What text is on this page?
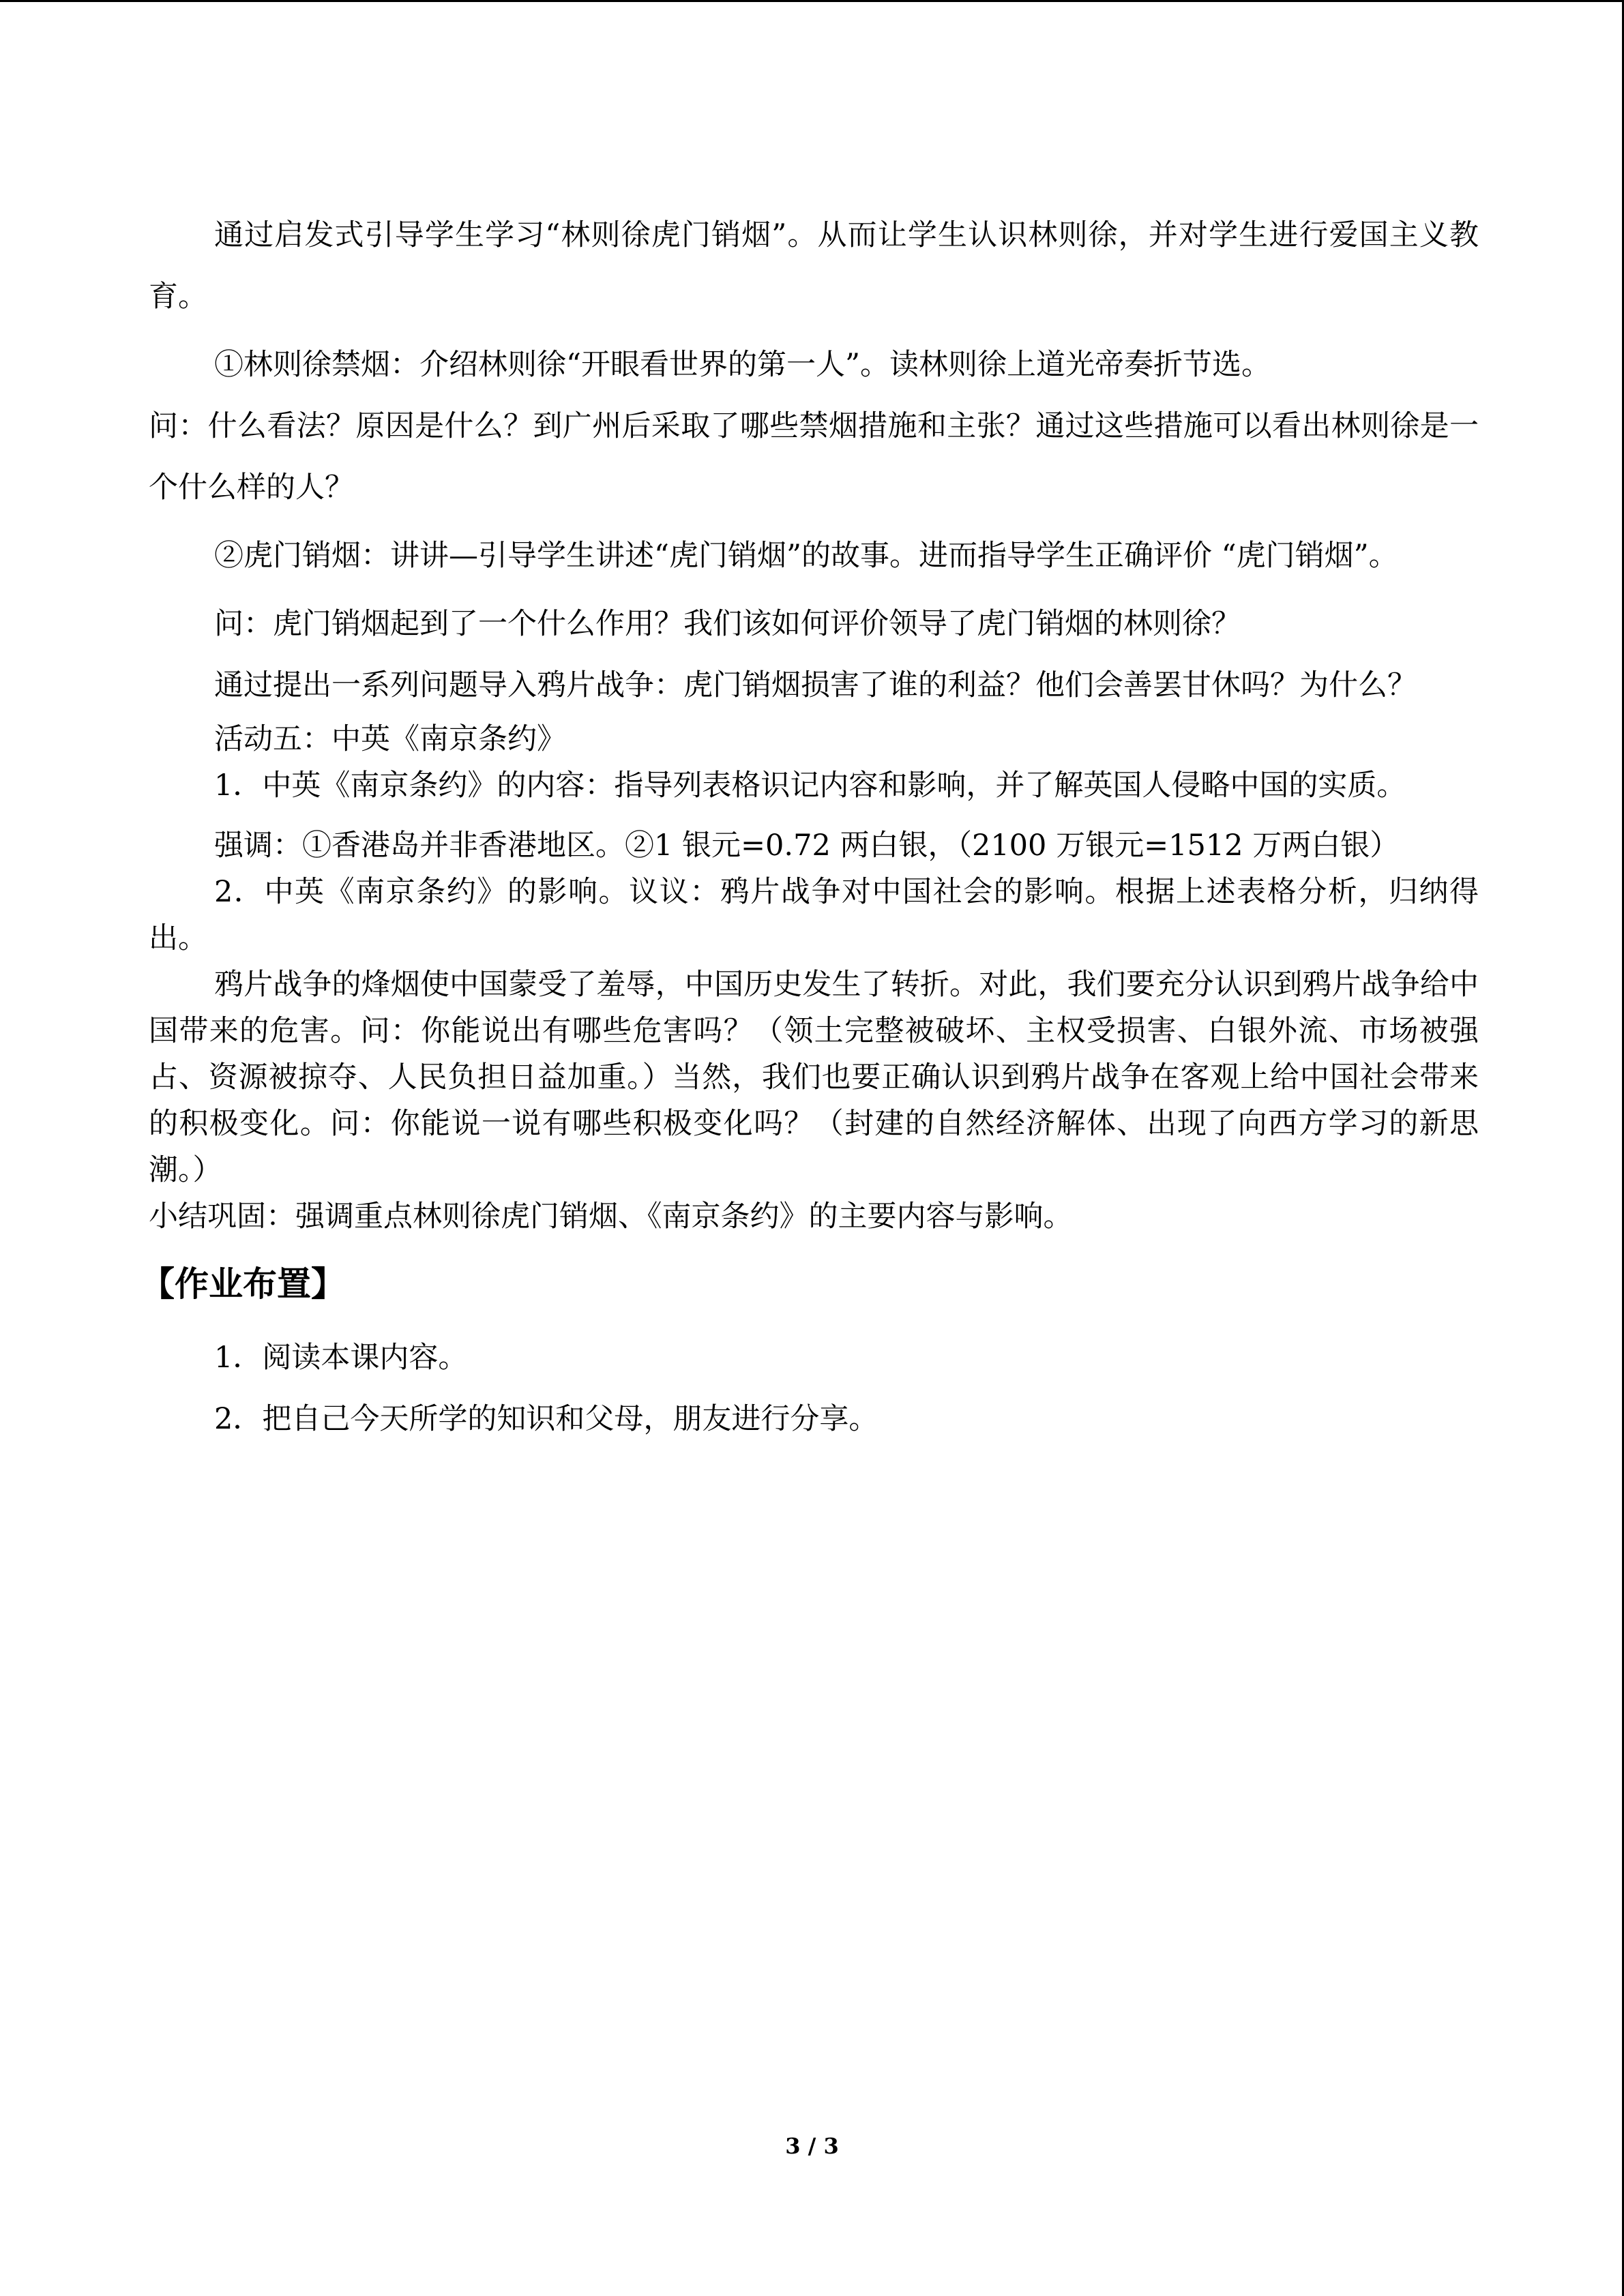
通过启发式引导学生学习“林则徐虎门销烟”。从而让学生认识林则徐，并对学生进行爱国主义教育。

①林则徐禁烟：介绍林则徐“开眼看世界的第一人”。读林则徐上道光帝奏折节选。

问：什么看法？原因是什么？到广州后采取了哪些禁烟措施和主张？通过这些措施可以看出林则徐是一个什么样的人？

②虎门销烟：讲讲—引导学生讲述“虎门销烟”的故事。进而指导学生正确评价 “虎门销烟”。

问：虎门销烟起到了一个什么作用？我们该如何评价领导了虎门销烟的林则徐？

通过提出一系列问题导入鸦片战争：虎门销烟损害了谁的利益？他们会善罢甘休吗？为什么？

活动五：中英《南京条约》

1．中英《南京条约》的内容：指导列表格识记内容和影响，并了解英国人侵略中国的实质。

强调：①香港岛并非香港地区。②1 银元=0.72 两白银，（2100 万银元=1512 万两白银）

2．中英《南京条约》的影响。议议：鸦片战争对中国社会的影响。根据上述表格分析，归纳得出。

鸦片战争的烽烟使中国蒙受了羞辱，中国历史发生了转折。对此，我们要充分认识到鸦片战争给中国带来的危害。问：你能说出有哪些危害吗？（领土完整被破坏、主权受损害、白银外流、市场被强占、资源被掠夺、人民负担日益加重。）当然，我们也要正确认识到鸦片战争在客观上给中国社会带来的积极变化。问：你能说一说有哪些积极变化吗？（封建的自然经济解体、出现了向西方学习的新思潮。）

小结巩固：强调重点林则徐虎门销烟、《南京条约》的主要内容与影响。

【作业布置】

1．阅读本课内容。

2．把自己今天所学的知识和父母，朋友进行分享。

3 / 3
